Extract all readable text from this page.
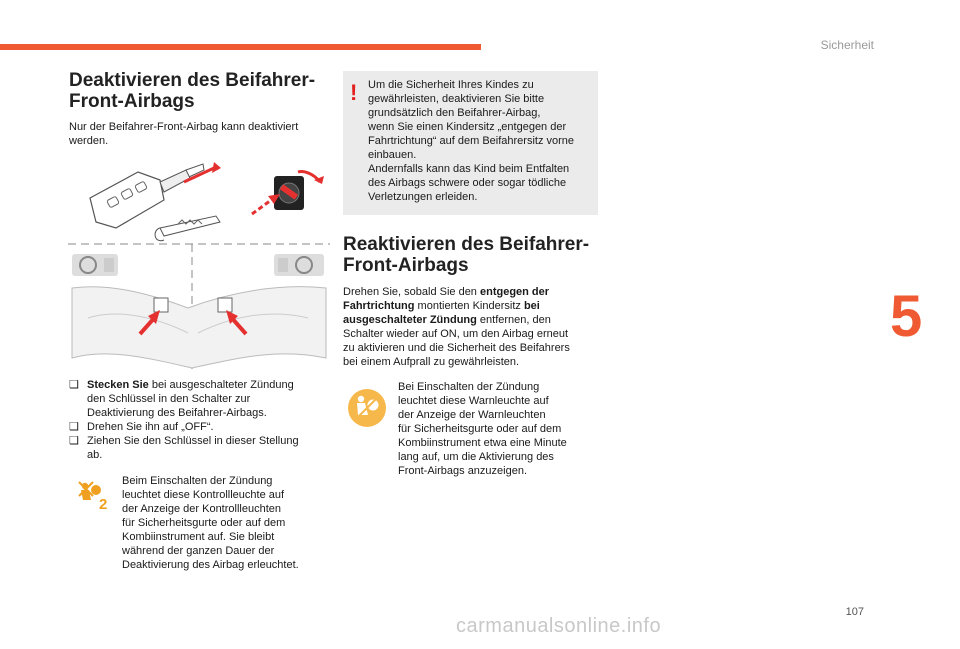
Sicherheit
5
Deaktivieren des Beifahrer-
Front-Airbags
Nur der Beifahrer-Front-Airbag kann deaktiviert
werden.
❑ Stecken Sie bei ausgeschalteter Zündung
den Schlüssel in den Schalter zur
Deaktivierung des Beifahrer-Airbags.
❑ Drehen Sie ihn auf „OFF“.
❑ Ziehen Sie den Schlüssel in dieser Stellung
ab.
2
Beim Einschalten der Zündung
leuchtet diese Kontrollleuchte auf
der Anzeige der Kontrollleuchten
für Sicherheitsgurte oder auf dem
Kombiinstrument auf. Sie bleibt
während der ganzen Dauer der
Deaktivierung des Airbag erleuchtet.
! Um die Sicherheit Ihres Kindes zu
gewährleisten, deaktivieren Sie bitte
grundsätzlich den Beifahrer-Airbag,
wenn Sie einen Kindersitz „entgegen der
Fahrtrichtung“ auf dem Beifahrersitz vorne
einbauen.
Andernfalls kann das Kind beim Entfalten
des Airbags schwere oder sogar tödliche
Verletzungen erleiden.
Reaktivieren des Beifahrer-
Front-Airbags
Drehen Sie, sobald Sie den entgegen der
Fahrtrichtung montierten Kindersitz bei
ausgeschalteter Zündung entfernen, den
Schalter wieder auf ON, um den Airbag erneut
zu aktivieren und die Sicherheit des Beifahrers
bei einem Aufprall zu gewährleisten.
Bei Einschalten der Zündung
leuchtet diese Warnleuchte auf
der Anzeige der Warnleuchten
für Sicherheitsgurte oder auf dem
Kombiinstrument etwa eine Minute
lang auf, um die Aktivierung des
Front-Airbags anzuzeigen.
107
carmanualsonline.info
